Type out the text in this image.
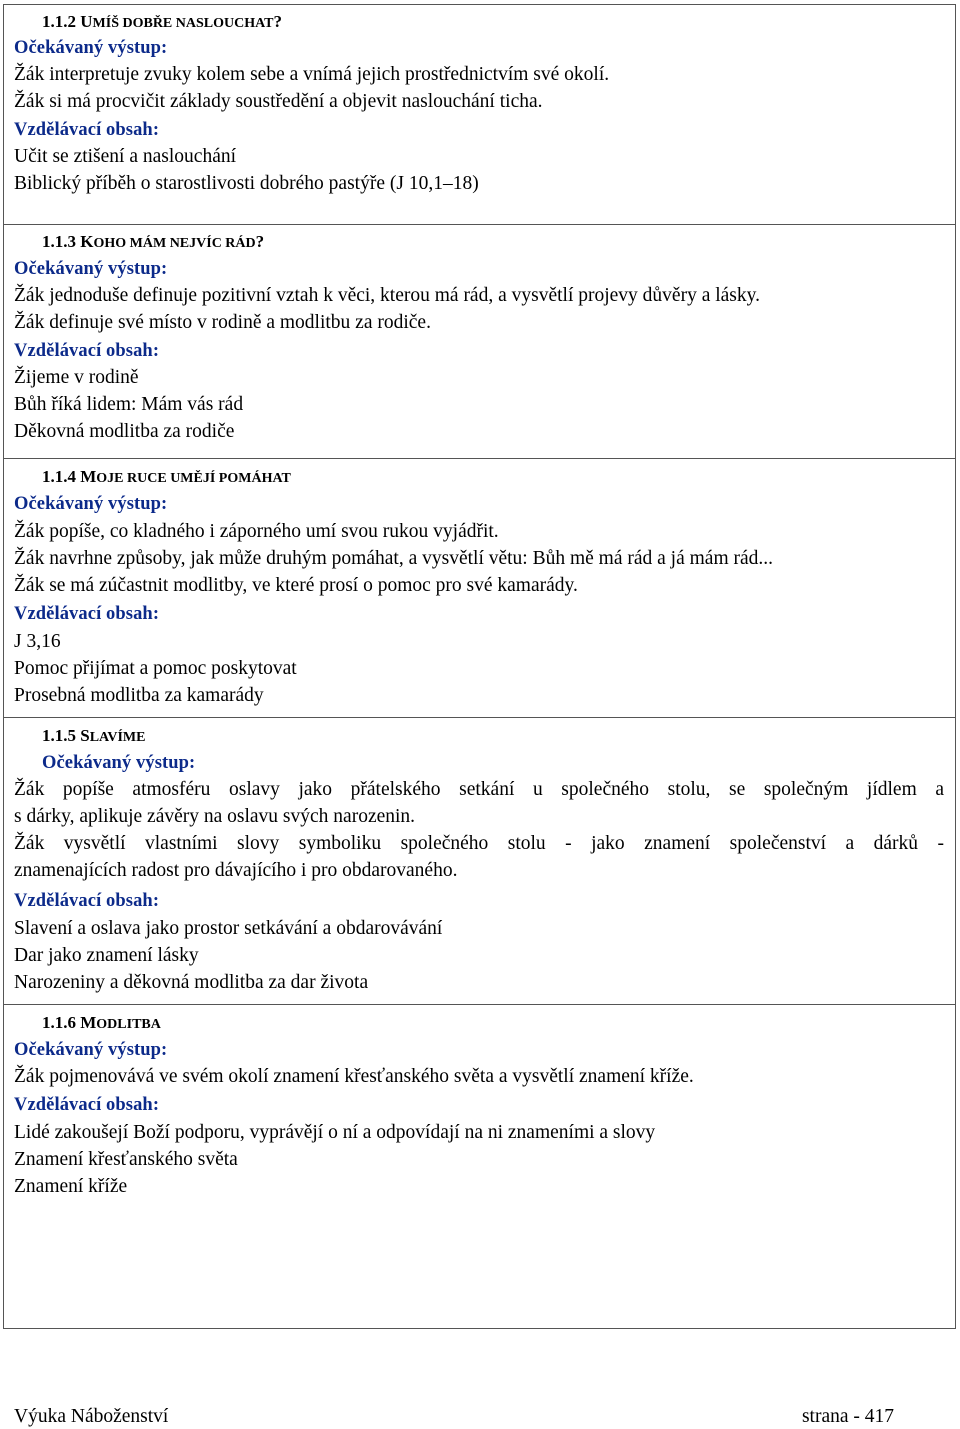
1.1.2 UMÍŠ DOBŘE NASLOUCHAT?
Očekávaný výstup:
Žák interpretuje zvuky kolem sebe a vnímá jejich prostřednictvím své okolí.
Žák si má procvičit základy soustředění a objevit naslouchání ticha.
Vzdělávací obsah:
Učit se ztišení a naslouchání
Biblický příběh o starostlivosti dobrého pastýře (J 10,1–18)
1.1.3 KOHO MÁM NEJVÍC RÁD?
Očekávaný výstup:
Žák jednoduše definuje pozitivní vztah k věci, kterou má rád, a vysvětlí projevy důvěry a lásky.
Žák definuje své místo v rodině a modlitbu za rodiče.
Vzdělávací obsah:
Žijeme v rodině
Bůh říká lidem: Mám vás rád
Děkovná modlitba za rodiče
1.1.4 MOJE RUCE UMĚJÍ POMÁHAT
Očekávaný výstup:
Žák popíše, co kladného i záporného umí svou rukou vyjádřit.
Žák navrhne způsoby, jak může druhým pomáhat, a vysvětlí větu: Bůh mě má rád a já mám rád...
Žák se má zúčastnit modlitby, ve které prosí o pomoc pro své kamarády.
Vzdělávací obsah:
J 3,16
Pomoc přijímat a pomoc poskytovat
Prosebná modlitba za kamarády
1.1.5 SLAVÍME
Očekávaný výstup:
Žák popíše atmosféru oslavy jako přátelského setkání u společného stolu, se společným jídlem a
s dárky, aplikuje závěry na oslavu svých narozenin.
Žák vysvětlí vlastními slovy symboliku společného stolu - jako znamení společenství a dárků -
znamenajících radost pro dávajícího i pro obdarovaného.
Vzdělávací obsah:
Slavení a oslava jako prostor setkávání a obdarovávání
Dar jako znamení lásky
Narozeniny a děkovná modlitba za dar života
1.1.6 MODLITBA
Očekávaný výstup:
Žák pojmenovává ve svém okolí znamení křesťanského světa a vysvětlí znamení kříže.
Vzdělávací obsah:
Lidé zakoušejí Boží podporu, vyprávějí o ní a odpovídají na ni znameními a slovy
Znamení křesťanského světa
Znamení kříže
Výuka Náboženství	strana - 417
